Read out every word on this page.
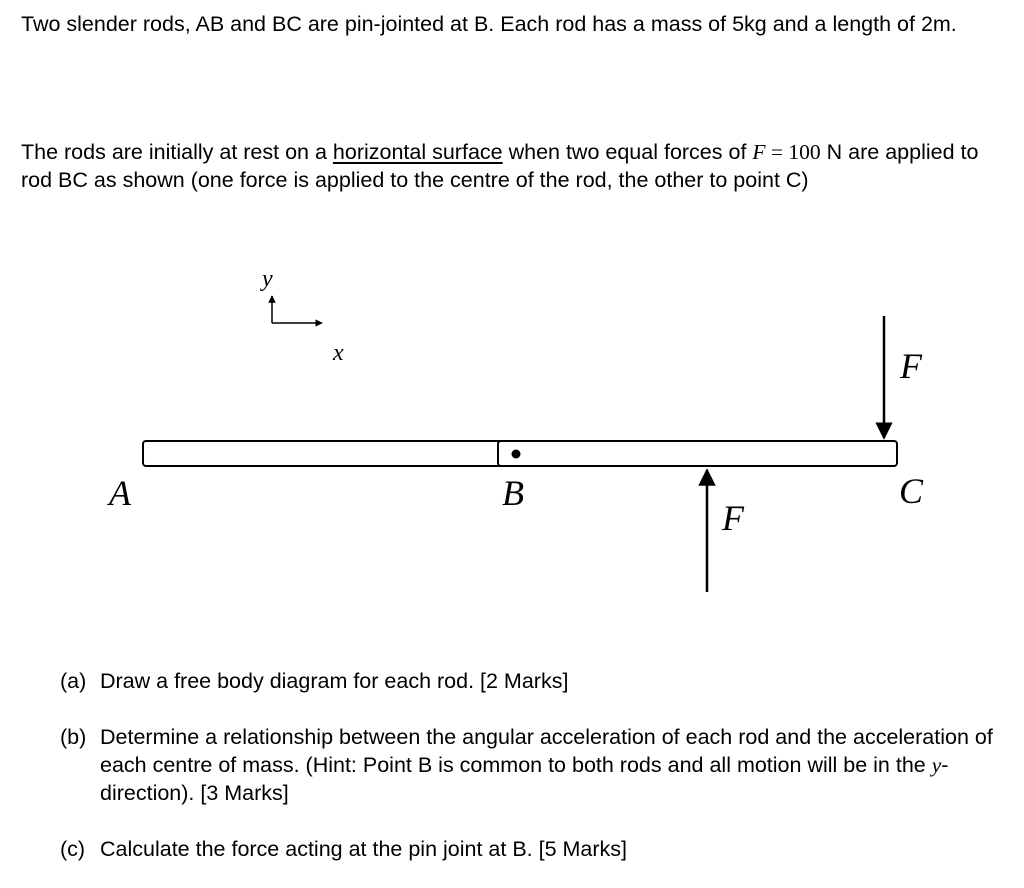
Two slender rods, AB and BC are pin-jointed at B. Each rod has a mass of 5kg and a length of 2m.

The rods are initially at rest on a horizontal surface when two equal forces of F = 100 N are applied to rod BC as shown (one force is applied to the centre of the rod, the other to point C)

y
x	F
F
A	B	C
(a) Draw a free body diagram for each rod. [2 Marks]
(b) Determine a relationship between the angular acceleration of each rod and the acceleration of each centre of mass. (Hint: Point B is common to both rods and all motion will be in the y-direction). [3 Marks]
(c) Calculate the force acting at the pin joint at B. [5 Marks]
